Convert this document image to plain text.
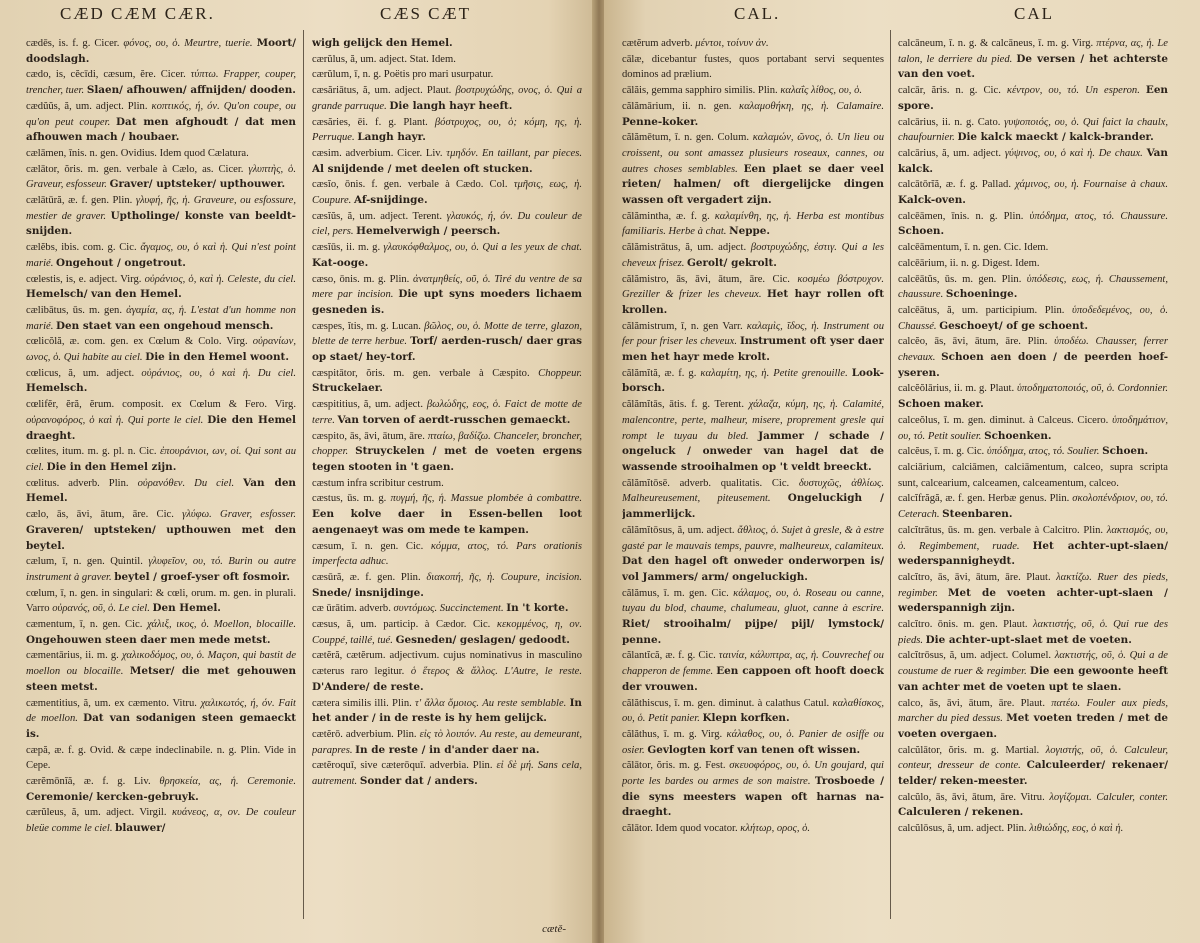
CÆD CÆM CÆR.	CÆS CÆT

cædēs, is. f. g. Cicer. φόνος, ου, ὁ. Meurtre, tuerie. Moort/ doodslagh.

cædo, is, cĕcīdi, cæsum, ĕre. Cicer. τύπτω. Frapper, couper, trencher, tuer. Slaen/ afhouwen/ affnijden/ dooden.

cædŭŭs, ă, um. adject. Plin. κοπτικός, ή, όν. Qu'on coupe, ou qu'on peut couper. Dat men afghoudt / dat men afhouwen mach / houbaer.

cælāmen, īnis. n. gen. Ovidius. Idem quod Cælatura.

cælātor, ŏris. m. gen. verbale à Cælo, as. Cicer. γλυπτὴς, ὁ. Graveur, esfosseur. Graver/ uptsteker/ upthouwer.

cælātūră, æ. f. gen. Plin. γλυφή, ῆς, ἡ. Graveure, ou esfossure, mestier de graver. Uptholinge/ konste van beeldt-snijden.

cælĕbs, ibis. com. g. Cic. ἄγαμος, ου, ὁ καὶ ἡ. Qui n'est point marié. Ongehout / ongetrout.

cœlestis, is, e. adject. Virg. οὐράνιος, ὁ, καὶ ἡ. Celeste, du ciel. Hemelsch/ van den Hemel.

cælibātus, ūs. m. gen. ἀγαμία, ας, ἡ. L'estat d'un homme non marié. Den staet van een ongehoud mensch.

cœlicŏlă, æ. com. gen. ex Cœlum & Colo. Virg. οὐρανίων, ωνος, ὁ. Qui habite au ciel. Die in den Hemel woont.

cœlicus, ă, um. adject. οὐράνιος, ου, ὁ καὶ ἡ. Du ciel. Hemelsch.

cœlifĕr, ĕră, ĕrum. composit. ex Cœlum & Fero. Virg. οὐρανοφόρος, ὁ καὶ ἡ. Qui porte le ciel. Die den Hemel draeght.

cœlites, itum. m. g. pl. n. Cic. ἐπουράνιοι, ων, οἱ. Qui sont au ciel. Die in den Hemel zijn.

cœlitus. adverb. Plin. οὐρανόθεν. Du ciel. Van den Hemel.

cælo, ās, āvi, ātum, āre. Cic. γλύφω. Graver, esfosser. Graveren/ uptsteken/ upthouwen met den beytel.

cælum, ī, n. gen. Quintil. γλυφεῖον, ου, τό. Burin ou autre instrument à graver. beytel / groef-yser oft fosmoir.

cœlum, ī, n. gen. in singulari: & cœli, orum. m. gen. in plurali. Varro οὐρανός, οῦ, ὁ. Le ciel. Den Hemel.

cæmentum, ī, n. gen. Cic. χάλιξ, ικος, ὁ. Moellon, blocaille. Ongehouwen steen daer men mede metst.

cæmentārius, ii. m. g. χαλικοδόμος, ου, ὁ. Maçon, qui bastit de moellon ou blocaille. Metser/ die met gehouwen steen metst.

cæmentitius, ă, um. ex cæmento. Vitru. χαλικωτός, ή, όν. Fait de moellon. Dat van sodanigen steen gemaeckt is.

cæpă, æ. f. g. Ovid. & cæpe indeclinabile. n. g. Plin. Vide in Cepe.

cærĕmōnĭă, æ. f. g. Liv. θρησκεία, ας, ἡ. Ceremonie. Ceremonie/ kercken-gebruyk.

cærŭleus, ă, um. adject. Virgil. κυάνεος, α, ον. De couleur bleüe comme le ciel. blauwer/

wigh gelijck den Hemel.

cærŭlus, ă, um. adject. Stat. Idem.

cærŭlum, ī, n. g. Poëtis pro mari usurpatur.

cæsăriātus, ă, um. adject. Plaut. βοστρυχώδης, ονος, ὁ. Qui a grande parruque. Die langh hayr heeft.

cæsăries, ēi. f. g. Plant. βόστρυχος, ου, ὁ; κόμη, ης, ἡ. Perruque. Langh hayr.

cæsim. adverbium. Cicer. Liv. τμηδόν. En taillant, par pieces. Al snijdende / met deelen oft stucken.

cæsĭo, ōnis. f. gen. verbale à Cædo. Col. τμῆσις, εως, ἡ. Coupure. Af-snijdinge.

cæsĭŭs, ă, um. adject. Terent. γλαυκός, ή, όν. Du couleur de ciel, pers. Hemelverwigh / peersch.

cæsĭūs, ii. m. g. γλαυκόφθαλμος, ου, ὁ. Qui a les yeux de chat. Kat-ooge.

cæso, ōnis. m. g. Plin. ἀνατμηθείς, οῦ, ὁ. Tiré du ventre de sa mere par incision. Die upt syns moeders lichaem gesneden is.

cæspes, ĭtis, m. g. Lucan. βῶλος, ου, ὁ. Motte de terre, glazon, blette de terre herbue. Torf/ aerden-rusch/ daer gras op staet/ hey-torf.

cæspitātor, ŏris. m. gen. verbale à Cæspito. Choppeur. Struckelaer.

cæspititius, ă, um. adject. βωλώδης, εος, ὁ. Faict de motte de terre. Van torven of aerdt-russchen gemaeckt.

cæspito, ās, āvi, ātum, āre. πταίω, βαδίζω. Chanceler, broncher, chopper. Struyckelen / met de voeten ergens tegen stooten in 't gaen.

cæstum infra scribitur cestrum.

cæstus, ūs. m. g. πυγμή, ῆς, ἡ. Massue plombée à combattre. Een kolve daer in Essen-bellen loot aengenaeyt was om mede te kampen.

cæsum, ī. n. gen. Cic. κόμμα, ατος, τό. Pars orationis imperfecta adhuc.

cæsūră, æ. f. gen. Plin. διακοπή, ῆς, ἡ. Coupure, incision. Snede/ insnijdinge.

cæ ūrātim. adverb. συντόμως. Succinctement. In 't korte.

cæsus, ă, um. particip. à Cædor. Cic. κεκομμένος, η, ον. Couppé, taillé, tué. Gesneden/ geslagen/ gedoodt.

cætĕră, cætĕrum. adjectivum. cujus nominativus in masculino cæterus raro legitur. ὁ ἕτερος & ἄλλος. L'Autre, le reste. D'Andere/ de reste.

cætera similis illi. Plin. τ' ἄλλα ὅμοιος. Au reste semblable. In het ander / in de reste is hy hem gelijck.

cætĕrō. adverbium. Plin. εἰς τὸ λοιπόν. Au reste, au demeurant, parapres. In de reste / in d'ander daer na.

cætĕroquī, sive cæterōquī. adverbia. Plin. εἰ δὲ μή. Sans cela, autrement. Sonder dat / anders.

cætě-
CAL.	CAL

cætĕrum adverb. μέντοι, τοίνυν ἀν.

cālæ, dicebantur fustes, quos portabant servi sequentes dominos ad prælium.

cālăis, gemma sapphiro similis. Plin. καλαΐς λίθος, ου, ὁ.

călămārium, ii. n. gen. καλαμοθήκη, ης, ἡ. Calamaire. Penne-koker.

călămētum, ī. n. gen. Colum. καλαμών, ῶνος, ὁ. Un lieu ou croissent, ou sont amassez plusieurs roseaux, cannes, ou autres choses semblables. Een plaet se daer veel rieten/ halmen/ oft diergelijcke dingen wassen oft vergadert zijn.

călămintha, æ. f. g. καλαμίνθη, ης, ἡ. Herba est montibus familiaris. Herbe à chat. Neppe.

călămistrātus, ă, um. adject. βοστρυχώδης, ἐστιγ. Qui a les cheveux frisez. Gerolt/ gekrolt.

călămistro, ās, āvi, ātum, āre. Cic. κοσμέω βόστρυχον. Greziller & frizer les cheveux. Het hayr rollen oft krollen.

călămistrum, ī, n. gen Varr. καλαμὶς, ῖδος, ἡ. Instrument ou fer pour friser les cheveux. Instrument oft yser daer men het hayr mede krolt.

călămĭtă, æ. f. g. καλαμίτη, ης, ἡ. Petite grenouille. Look-borsch.

călămĭtās, ātis. f. g. Terent. χάλαζα, κύμη, ης, ἡ. Calamité, malencontre, perte, malheur, misere, proprement gresle qui rompt le tuyau du bled. Jammer / schade / ongeluck / onweder van hagel dat de wassende strooihalmen op 't veldt breeckt.

călămĭtōsē. adverb. qualitatis. Cic. δυστυχῶς, ἀθλίως. Malheureusement, piteusement. Ongeluckigh / jammerlijck.

călămĭtōsus, ă, um. adject. ἄθλιος, ὁ. Sujet à gresle, & à estre gasté par le mauvais temps, pauvre, malheureux, calamiteux. Dat den hagel oft onweder onderworpen is/ vol Jammers/ arm/ ongeluckigh.

călămus, ī. m. gen. Cic. κάλαμος, ου, ὁ. Roseau ou canne, tuyau du blod, chaume, chalumeau, gluot, canne à escrire. Riet/ strooihalm/ pijpe/ pijl/ lymstock/ penne.

călantĭcă, æ. f. g. Cic. ταινία, κάλυπτρα, ας, ἡ. Couvrechef ou chapperon de femme. Een cappoen oft hooft doeck der vrouwen.

călăthiscus, ī. m. gen. diminut. à calathus Catul. καλαθίσκος, ου, ὁ. Petit panier. Klepn korfken.

călăthus, ī. m. g. Virg. κάλαθος, ου, ὁ. Panier de osiffe ou osier. Gevlogten korf van tenen oft wissen.

călātor, ŏris. m. g. Fest. σκευοφόρος, ου, ὁ. Un goujard, qui porte les bardes ou armes de son maistre. Trosboede / die syns meesters wapen oft harnas na-draeght.

călātor. Idem quod vocator. κλήτωρ, ορος, ὁ.

calcāneum, ī. n. g. & calcāneus, ī. m. g. Virg. πτέρνα, ας, ἡ. Le talon, le derriere du pied. De versen / het achterste van den voet.

calcār, ăris. n. g. Cic. κέντρον, ου, τό. Un esperon. Een spore.

calcārius, ii. n. g. Cato. γυψοποιός, ου, ὁ. Qui faict la chaulx, chaufournier. Die kalck maeckt / kalck-brander.

calcārius, ă, um. adject. γύψινος, ου, ὁ καὶ ἡ. De chaux. Van kalck.

calcātōrĭă, æ. f. g. Pallad. χάμινος, ου, ἡ. Fournaise à chaux. Kalck-oven.

calcēāmen, īnis. n. g. Plin. ὑπόδημα, ατος, τό. Chaussure. Schoen.

calcēāmentum, ī. n. gen. Cic. Idem.

calcēārium, ii. n. g. Digest. Idem.

calcēātŭs, ūs. m. gen. Plin. ὑπόδεσις, εως, ἡ. Chaussement, chaussure. Schoeninge.

calcēātus, ă, um. participium. Plin. ὑποδεδεμένος, ου, ὁ. Chaussé. Geschoeyt/ of ge schoent.

calcĕo, ās, āvi, ātum, āre. Plin. ὑποδέω. Chausser, ferrer chevaux. Schoen aen doen / de peerden hoef-yseren.

calcĕŏlārius, ii. m. g. Plaut. ὑποδηματοποιός, οῦ, ὁ. Cordonnier. Schoen maker.

calceŏlus, ī. m. gen. diminut. à Calceus. Cicero. ὑποδημάτιον, ου, τό. Petit soulier. Schoenken.

calcĕus, ī. m. g. Cic. ὑπόδημα, ατος, τό. Soulier. Schoen.

calciārium, calciāmen, calciāmentum, calceo, supra scripta sunt, calcearium, calceamen, calceamentum, calceo.

calcĭfrăgă, æ. f. gen. Herbæ genus. Plin. σκολοπένδριον, ου, τό. Ceterach. Steenbaren.

calcĭtrātus, ūs. m. gen. verbale à Calcitro. Plin. λακτισμός, ου, ὁ. Regimbement, ruade. Het achter-upt-slaen/ wederspannigheydt.

calcĭtro, ās, āvi, ātum, āre. Plaut. λακτίζω. Ruer des pieds, regimber. Met de voeten achter-upt-slaen / wederspannigh zijn.

calcĭtro. ōnis. m. gen. Plaut. λακτιστής, οῦ, ὁ. Qui rue des pieds. Die achter-upt-slaet met de voeten.

calcĭtrōsus, ă, um. adject. Columel. λακτιστής, οῦ, ὁ. Qui a de coustume de ruer & regimber. Die een gewoonte heeft van achter met de voeten upt te slaen.

calco, ās, āvi, ātum, āre. Plaut. πατέω. Fouler aux pieds, marcher du pied dessus. Met voeten treden / met de voeten overgaen.

calcŭlātor, ŏris. m. g. Martial. λογιστής, οῦ, ὁ. Calculeur, conteur, dresseur de conte. Calculeerder/ rekenaer/ telder/ reken-meester.

calcŭlo, ās, āvi, ātum, āre. Vitru. λογίζομαι. Calculer, conter. Calculeren / rekenen.

calcŭlōsus, ă, um. adject. Plin. λιθιώδης, εος, ὁ καὶ ἡ.
